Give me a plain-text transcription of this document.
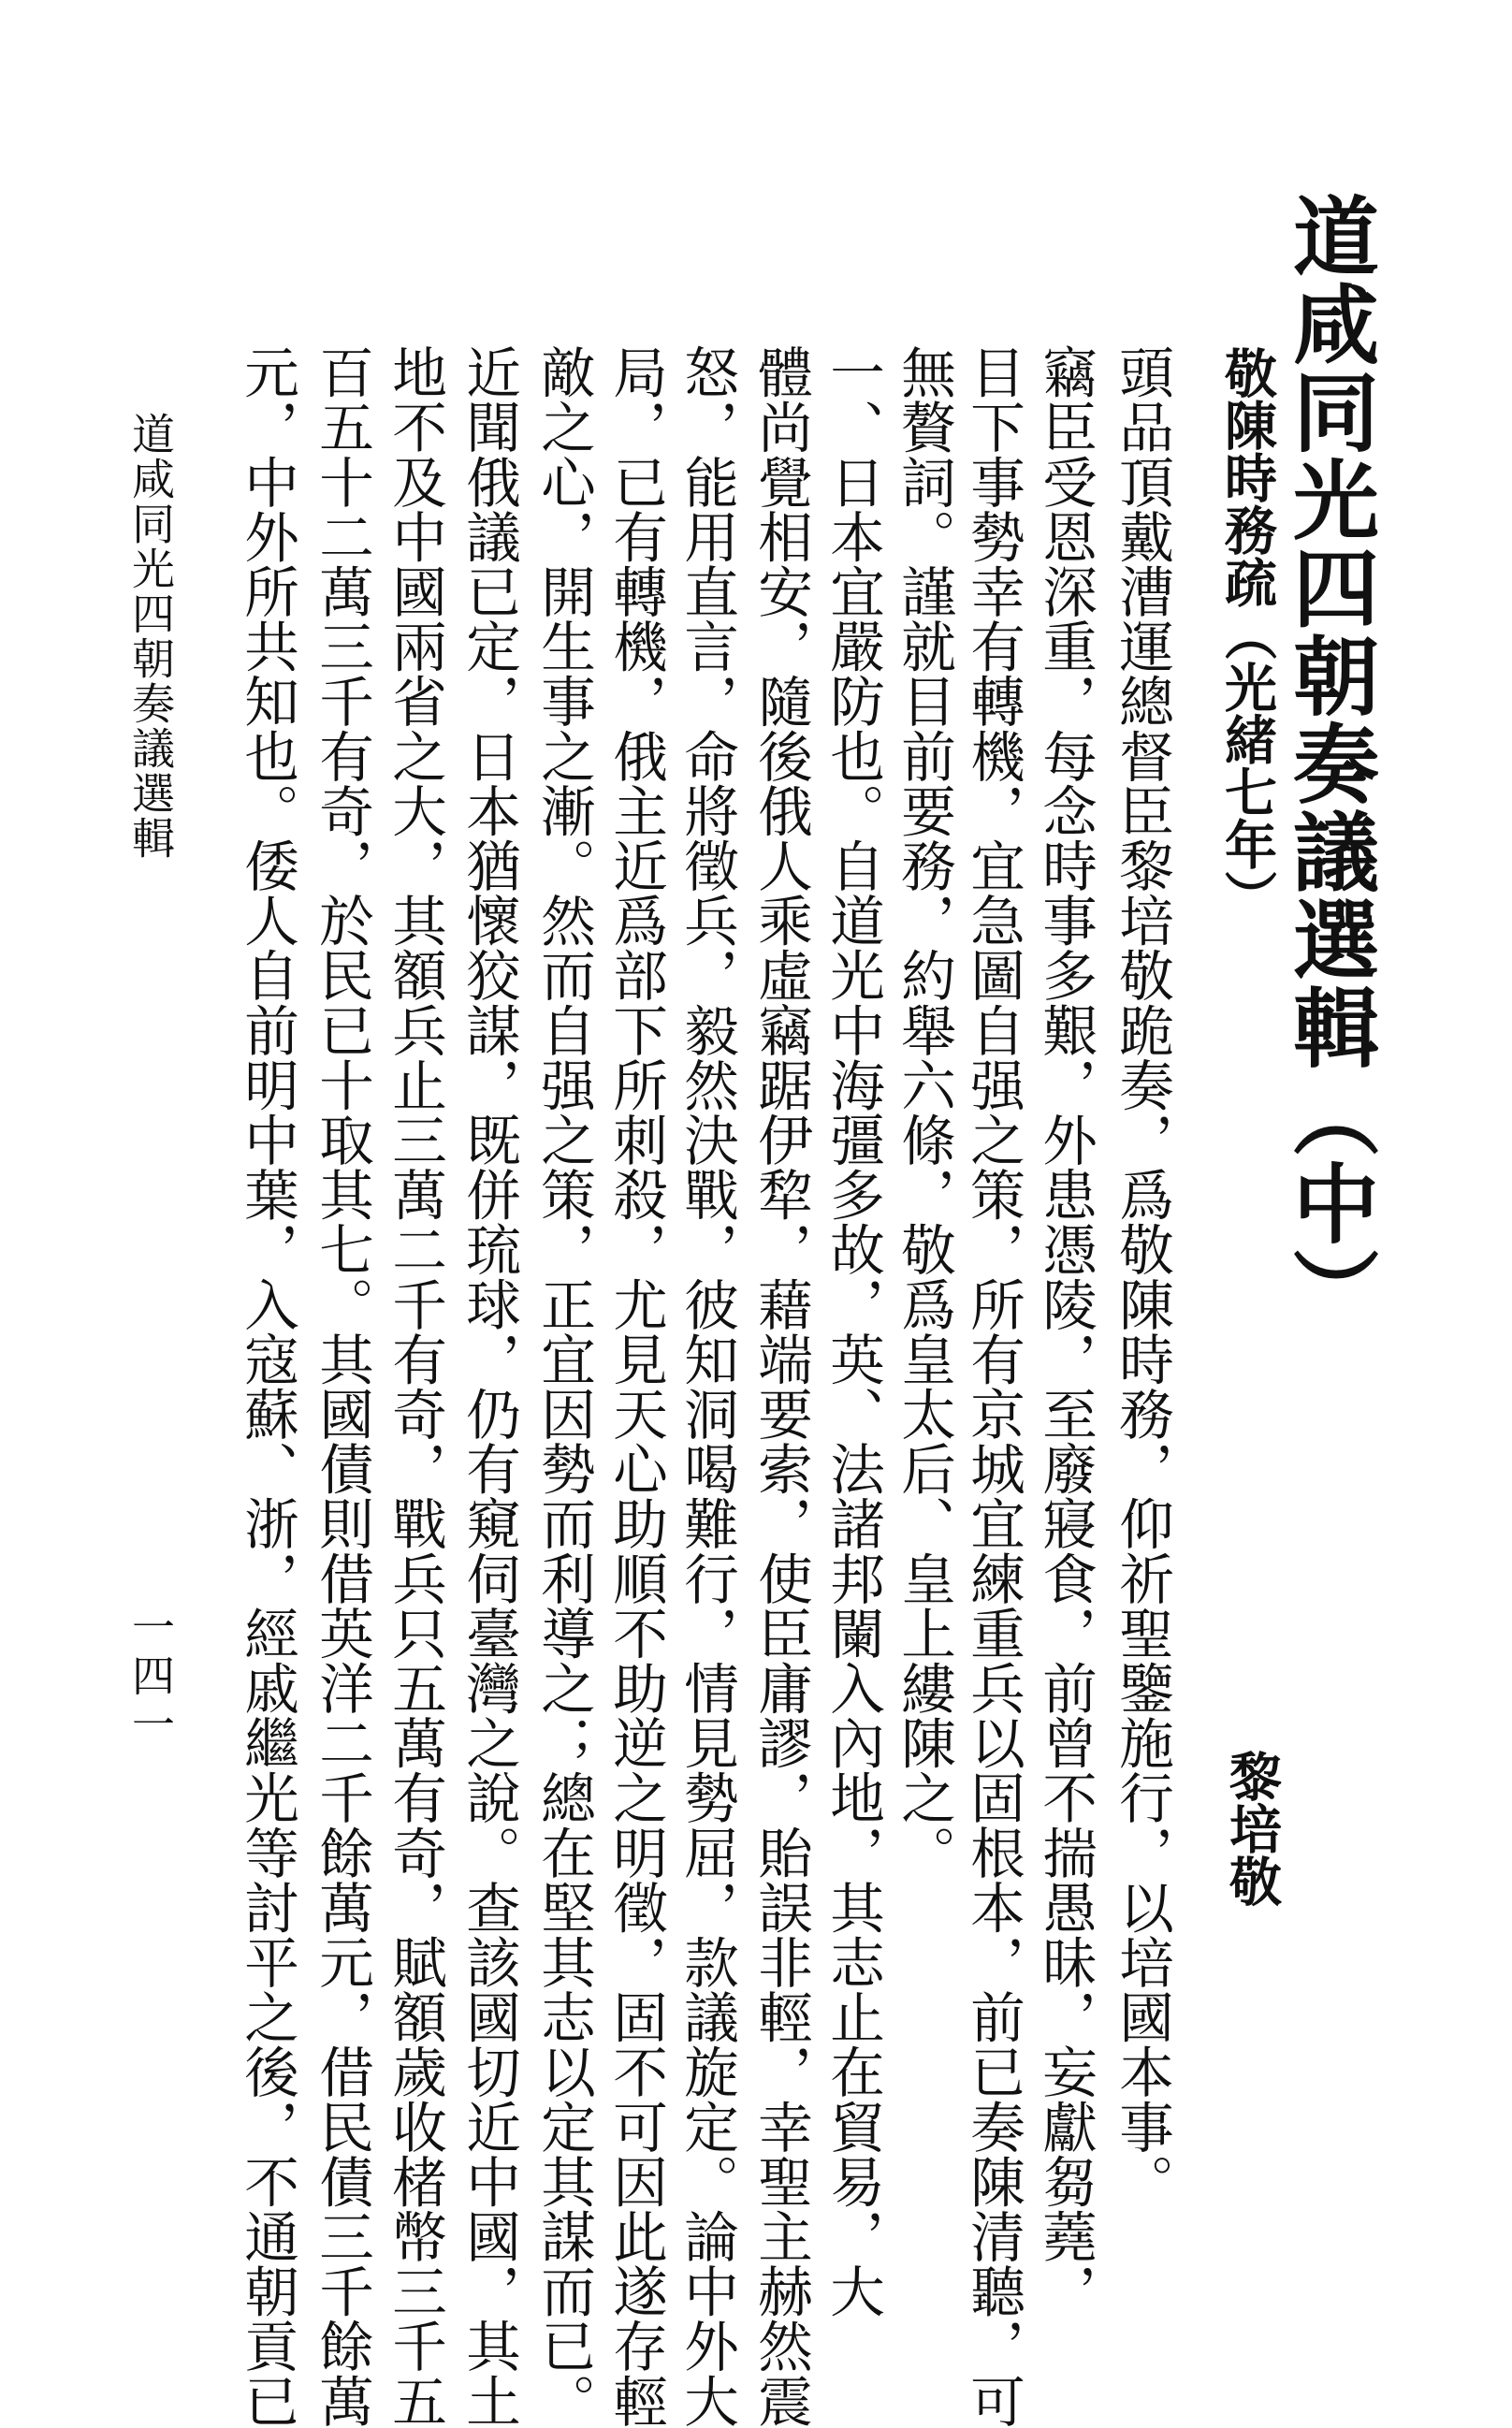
道咸同光四朝奏議選輯（中）
黎培敬
敬陳時務疏（光緒七年）
頭品頂戴漕運總督臣黎培敬跪奏，爲敬陳時務，仰祈聖鑒施行，以培國本事。
竊臣受恩深重，每念時事多艱，外患憑陵，至廢寢食，前曾不揣愚昧，妄獻芻蕘，
目下事勢幸有轉機，宜急圖自强之策，所有京城宜練重兵以固根本，前已奏陳清聽，可
無贅詞。謹就目前要務，約舉六條，敬爲皇太后、皇上縷陳之。
一、日本宜嚴防也。自道光中海彊多故，英、法諸邦闌入內地，其志止在貿易，大
體尚覺相安，隨後俄人乘虛竊踞伊犂，藉端要索，使臣庸謬，貽誤非輕，幸聖主赫然震
怒，能用直言，命將徵兵，毅然決戰，彼知洞喝難行，情見勢屈，款議旋定。論中外大
局，已有轉機，俄主近爲部下所刺殺，尤見天心助順不助逆之明徵，固不可因此遂存輕
敵之心，開生事之漸。然而自强之策，正宜因勢而利導之；總在堅其志以定其謀而已。
近聞俄議已定，日本猶懷狡謀，既併琉球，仍有窺伺臺灣之說。查該國切近中國，其土
地不及中國兩省之大，其額兵止三萬二千有奇，戰兵只五萬有奇，賦額歲收楮幣三千五
百五十二萬三千有奇，於民已十取其七。其國債則借英洋二千餘萬元，借民債三千餘萬
元，中外所共知也。倭人自前明中葉，入寇蘇、浙，經戚繼光等討平之後，不通朝貢已
道咸同光四朝奏議選輯
一四一
